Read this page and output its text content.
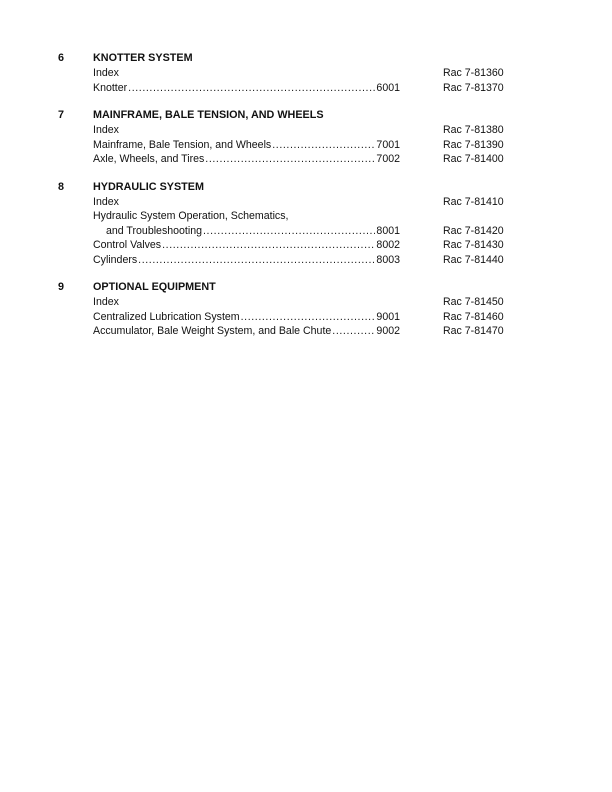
6	KNOTTER SYSTEM
Index	Rac 7-81360
Knotter .....	6001	Rac 7-81370
7	MAINFRAME, BALE TENSION, AND WHEELS
Index	Rac 7-81380
Mainframe, Bale Tension, and Wheels .....	7001	Rac 7-81390
Axle, Wheels, and Tires .....	7002	Rac 7-81400
8	HYDRAULIC SYSTEM
Index	Rac 7-81410
Hydraulic System Operation, Schematics,
and Troubleshooting .....	8001	Rac 7-81420
Control Valves .....	8002	Rac 7-81430
Cylinders .....	8003	Rac 7-81440
9	OPTIONAL EQUIPMENT
Index	Rac 7-81450
Centralized Lubrication System .....	9001	Rac 7-81460
Accumulator, Bale Weight System, and Bale Chute .....	9002	Rac 7-81470
